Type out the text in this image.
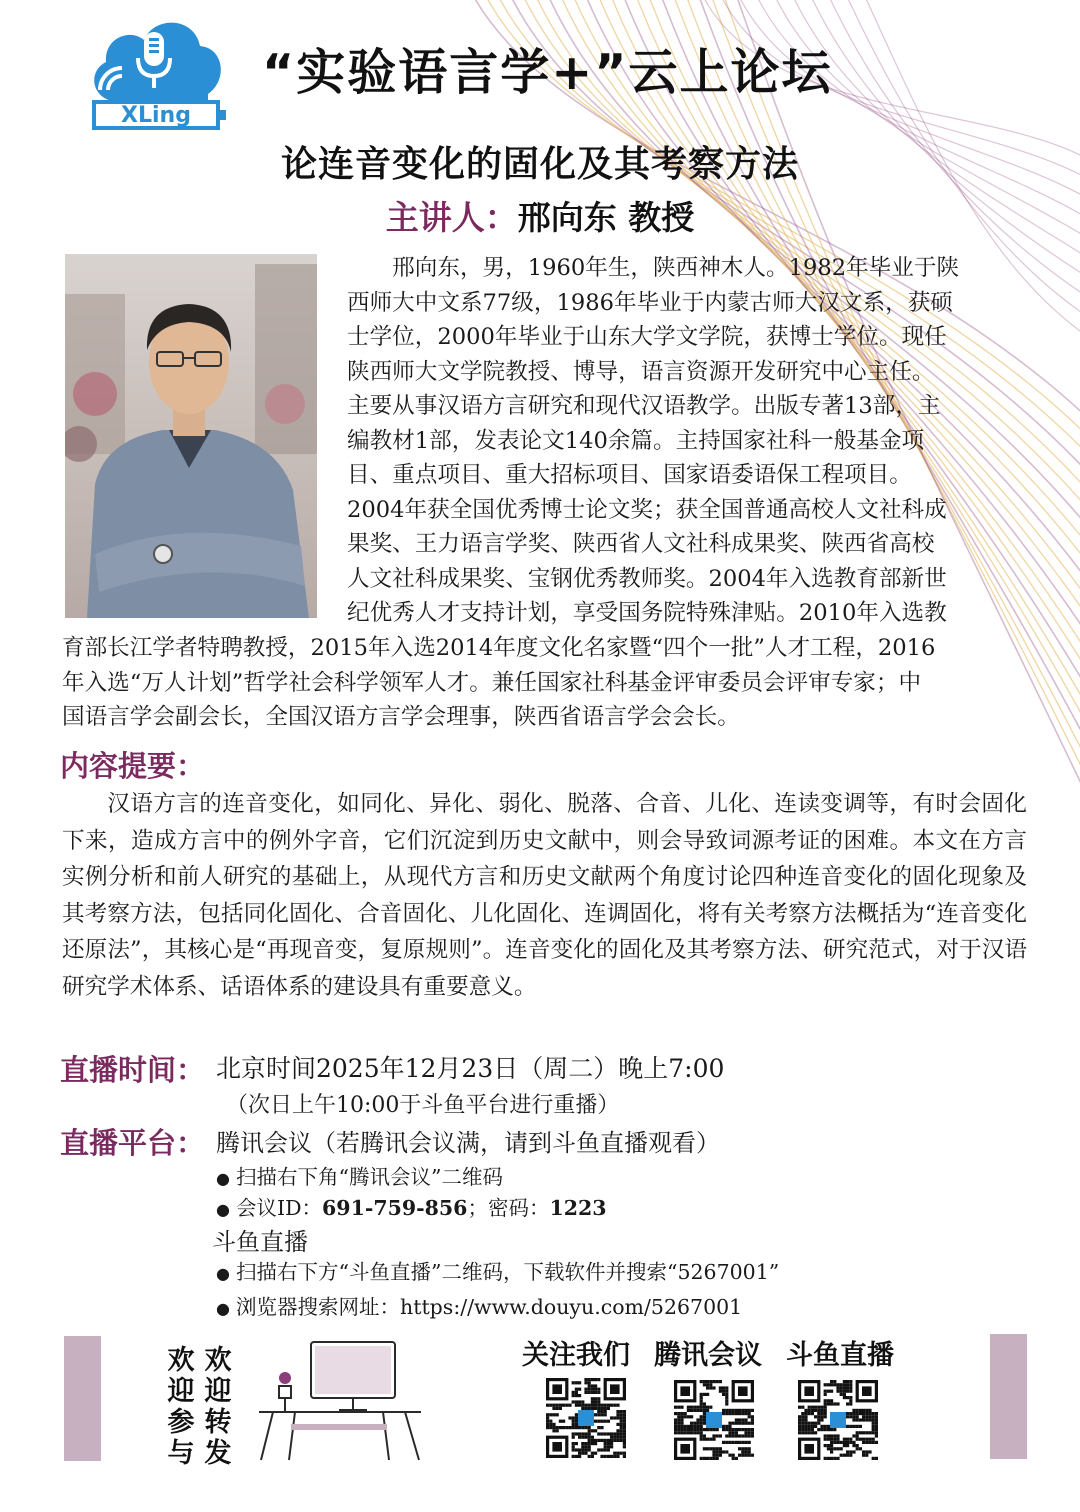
XLing
“实验语言学+”云上论坛
论连音变化的固化及其考察方法
主讲人：邢向东 教授
　　邢向东，男，1960年生，陕西神木人。1982年毕业于陕
西师大中文系77级，1986年毕业于内蒙古师大汉文系，获硕
士学位，2000年毕业于山东大学文学院，获博士学位。现任
陕西师大文学院教授、博导，语言资源开发研究中心主任。
主要从事汉语方言研究和现代汉语教学。出版专著13部，主
编教材1部，发表论文140余篇。主持国家社科一般基金项
目、重点项目、重大招标项目、国家语委语保工程项目。
2004年获全国优秀博士论文奖；获全国普通高校人文社科成
果奖、王力语言学奖、陕西省人文社科成果奖、陕西省高校
人文社科成果奖、宝钢优秀教师奖。2004年入选教育部新世
纪优秀人才支持计划，享受国务院特殊津贴。2010年入选教
育部长江学者特聘教授，2015年入选2014年度文化名家暨“四个一批”人才工程，2016
年入选“万人计划”哲学社会科学领军人才。兼任国家社科基金评审委员会评审专家；中
国语言学会副会长，全国汉语方言学会理事，陕西省语言学会会长。
内容提要：

汉语方言的连音变化，如同化、异化、弱化、脱落、合音、儿化、连读变调等，有时会固化下来，造成方言中的例外字音，它们沉淀到历史文献中，则会导致词源考证的困难。本文在方言实例分析和前人研究的基础上，从现代方言和历史文献两个角度讨论四种连音变化的固化现象及其考察方法，包括同化固化、合音固化、儿化固化、连调固化，将有关考察方法概括为“连音变化还原法”，其核心是“再现音变，复原规则”。连音变化的固化及其考察方法、研究范式，对于汉语研究学术体系、话语体系的建设具有重要意义。

直播时间： 北京时间2025年12月23日（周二）晚上7:00
（次日上午10:00于斗鱼平台进行重播）
直播平台： 腾讯会议（若腾讯会议满，请到斗鱼直播观看）
● 扫描右下角“腾讯会议”二维码
● 会议ID：691-759-856；密码：1223
斗鱼直播
● 扫描右下方“斗鱼直播”二维码，下载软件并搜索“5267001”
● 浏览器搜索网址：https://www.douyu.com/5267001
欢迎转发
欢迎参与
关注我们 腾讯会议 斗鱼直播
